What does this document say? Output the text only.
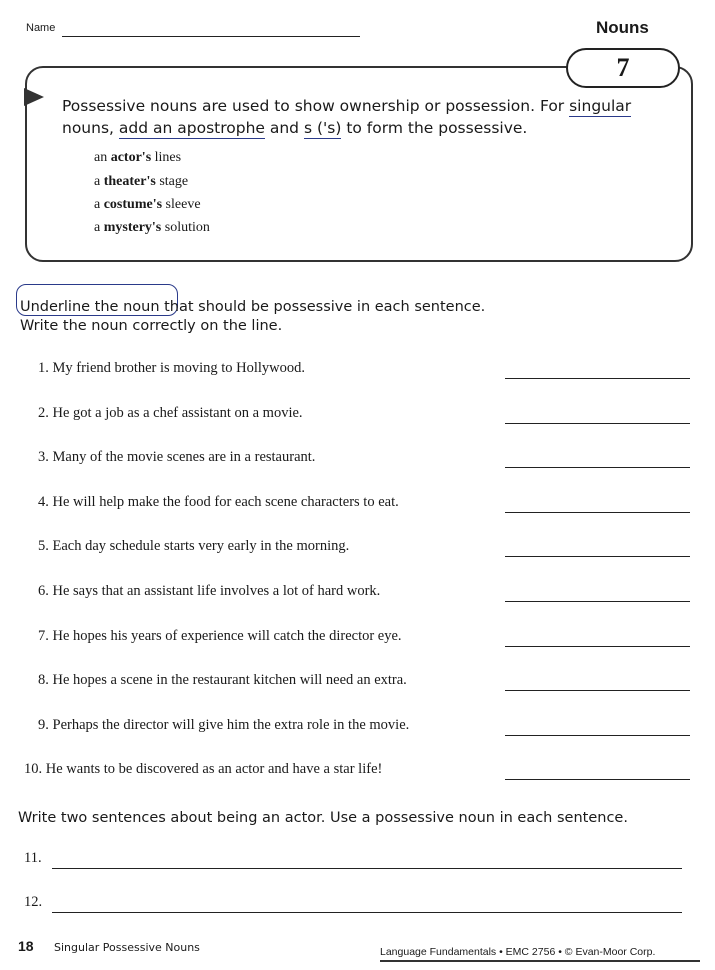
Name	Nouns
7
Possessive nouns are used to show ownership or possession. For singular nouns, add an apostrophe and s ('s) to form the possessive.
an actor's lines
a theater's stage
a costume's sleeve
a mystery's solution
Underline the noun that should be possessive in each sentence.
Write the noun correctly on the line.
1. My friend brother is moving to Hollywood.
2. He got a job as a chef assistant on a movie.
3. Many of the movie scenes are in a restaurant.
4. He will help make the food for each scene characters to eat.
5. Each day schedule starts very early in the morning.
6. He says that an assistant life involves a lot of hard work.
7. He hopes his years of experience will catch the director eye.
8. He hopes a scene in the restaurant kitchen will need an extra.
9. Perhaps the director will give him the extra role in the movie.
10. He wants to be discovered as an actor and have a star life!
Write two sentences about being an actor. Use a possessive noun in each sentence.
11.
12.
18 Singular Possessive Nouns	Language Fundamentals • EMC 2756 • © Evan-Moor Corp.
